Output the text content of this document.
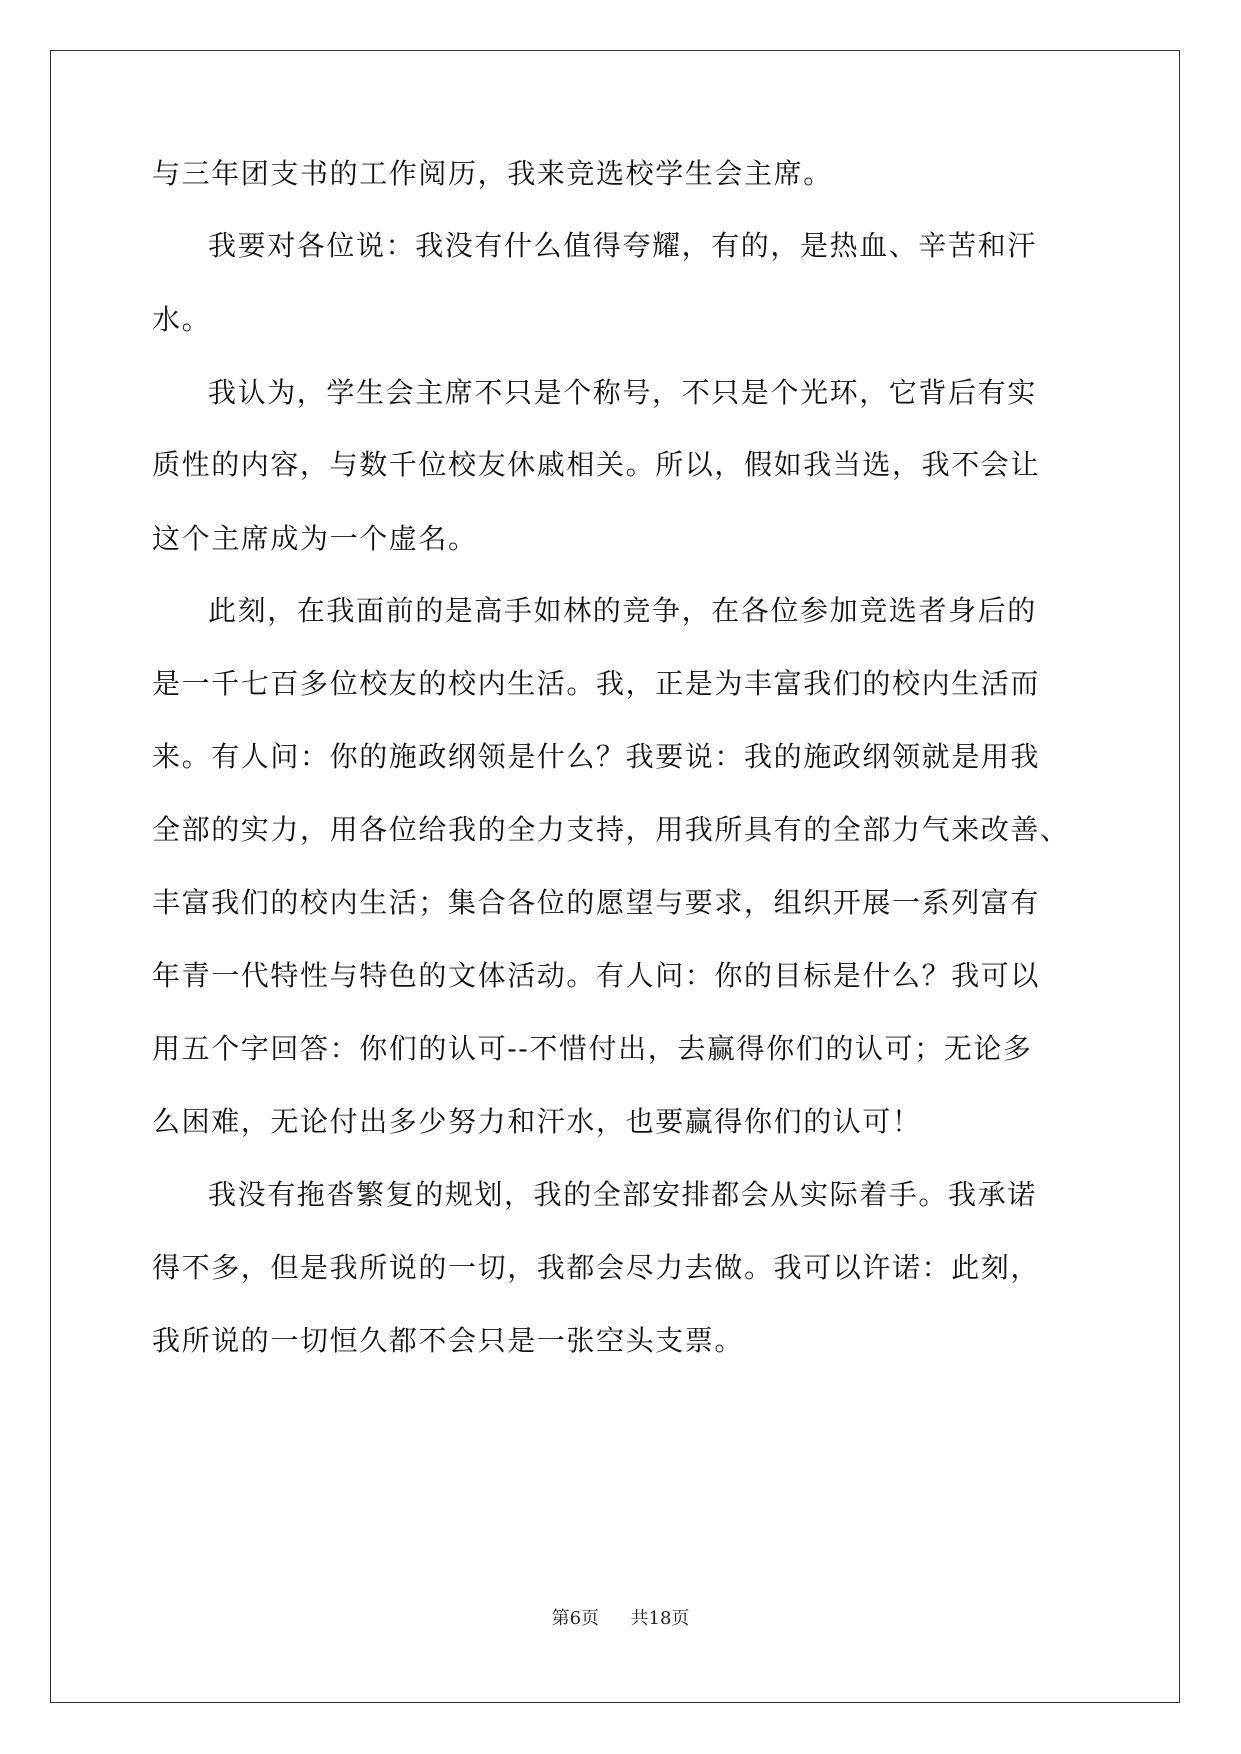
与三年团支书的工作阅历，我来竞选校学生会主席。
我要对各位说：我没有什么值得夸耀，有的，是热血、辛苦和汗
水。
我认为，学生会主席不只是个称号，不只是个光环，它背后有实
质性的内容，与数千位校友休戚相关。所以，假如我当选，我不会让
这个主席成为一个虚名。
此刻，在我面前的是高手如林的竞争，在各位参加竞选者身后的
是一千七百多位校友的校内生活。我，正是为丰富我们的校内生活而
来。有人问：你的施政纲领是什么？我要说：我的施政纲领就是用我
全部的实力，用各位给我的全力支持，用我所具有的全部力气来改善、
丰富我们的校内生活；集合各位的愿望与要求，组织开展一系列富有
年青一代特性与特色的文体活动。有人问：你的目标是什么？我可以
用五个字回答：你们的认可--不惜付出，去赢得你们的认可；无论多
么困难，无论付出多少努力和汗水，也要赢得你们的认可！
我没有拖沓繁复的规划，我的全部安排都会从实际着手。我承诺
得不多，但是我所说的一切，我都会尽力去做。我可以许诺：此刻，
我所说的一切恒久都不会只是一张空头支票。
第6页 共18页
